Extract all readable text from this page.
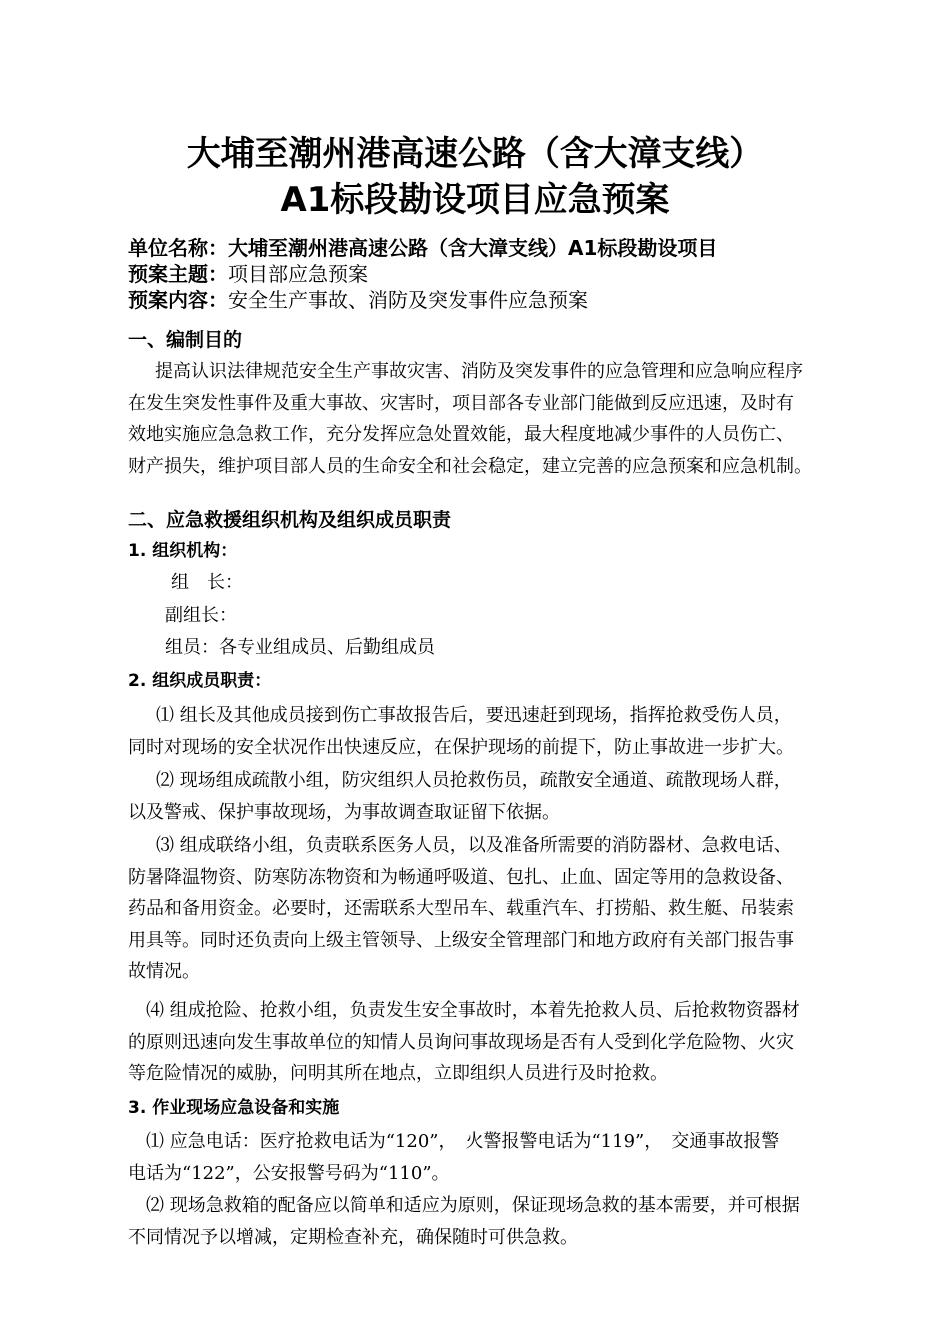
大埔至潮州港高速公路（含大漳支线）
A1标段勘设项目应急预案
单位名称：大埔至潮州港高速公路（含大漳支线）A1标段勘设项目
预案主题：项目部应急预案
预案内容：安全生产事故、消防及突发事件应急预案
一、编制目的
提高认识法律规范安全生产事故灾害、消防及突发事件的应急管理和应急响应程序
在发生突发性事件及重大事故、灾害时，项目部各专业部门能做到反应迅速，及时有
效地实施应急急救工作，充分发挥应急处置效能，最大程度地减少事件的人员伤亡、
财产损失，维护项目部人员的生命安全和社会稳定，建立完善的应急预案和应急机制。
二、应急救援组织机构及组织成员职责
1. 组织机构：
组　长：
副组长：
组员：各专业组成员、后勤组成员
2. 组织成员职责：
⑴ 组长及其他成员接到伤亡事故报告后，要迅速赶到现场，指挥抢救受伤人员，
同时对现场的安全状况作出快速反应，在保护现场的前提下，防止事故进一步扩大。
⑵ 现场组成疏散小组，防灾组织人员抢救伤员，疏散安全通道、疏散现场人群，
以及警戒、保护事故现场，为事故调查取证留下依据。
⑶ 组成联络小组，负责联系医务人员，以及准备所需要的消防器材、急救电话、
防暑降温物资、防寒防冻物资和为畅通呼吸道、包扎、止血、固定等用的急救设备、
药品和备用资金。必要时，还需联系大型吊车、载重汽车、打捞船、救生艇、吊装索
用具等。同时还负责向上级主管领导、上级安全管理部门和地方政府有关部门报告事
故情况。
⑷ 组成抢险、抢救小组，负责发生安全事故时，本着先抢救人员、后抢救物资器材
的原则迅速向发生事故单位的知情人员询问事故现场是否有人受到化学危险物、火灾
等危险情况的威胁，问明其所在地点，立即组织人员进行及时抢救。
3. 作业现场应急设备和实施
⑴ 应急电话：医疗抢救电话为“120”，　火警报警电话为“119”，　交通事故报警
电话为“122”，公安报警号码为“110”。
⑵ 现场急救箱的配备应以简单和适应为原则，保证现场急救的基本需要，并可根据
不同情况予以增减，定期检查补充，确保随时可供急救。
